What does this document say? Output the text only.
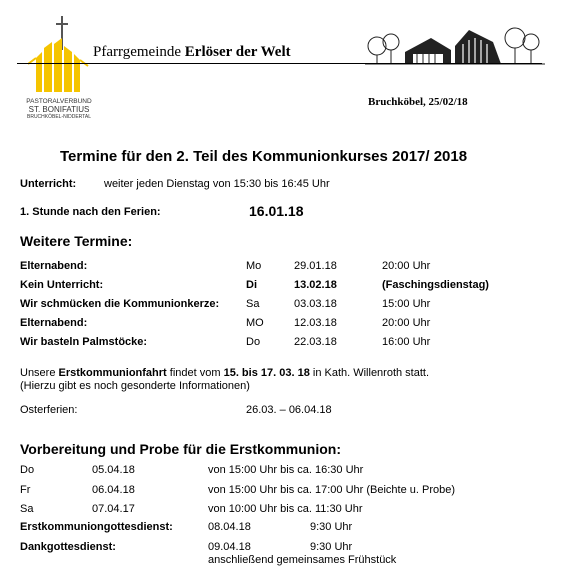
PASTORALVERBUND
ST. BONIFATIUS
BRUCHKÖBEL-NIDDERTAL
Pfarrgemeinde Erlöser der Welt
Bruchköbel, 25/02/18
Termine für den 2. Teil des Kommunionkurses 2017/ 2018
Unterricht:	weiter jeden Dienstag von 15:30 bis 16:45 Uhr
1. Stunde nach den Ferien:	16.01.18
Weitere Termine:
Elternabend:	Mo	29.01.18	20:00 Uhr
Kein Unterricht:	Di	13.02.18	(Faschingsdienstag)
Wir schmücken die Kommunionkerze: Sa	03.03.18	15:00 Uhr
Elternabend:	MO	12.03.18	20:00 Uhr
Wir basteln Palmstöcke:	Do	22.03.18	16:00 Uhr
Unsere Erstkommunionfahrt findet vom 15. bis 17. 03. 18 in Kath. Willenroth statt.
(Hierzu gibt es noch gesonderte Informationen)
Osterferien:	26.03. – 06.04.18
Vorbereitung und Probe für die Erstkommunion:
Do	05.04.18	von 15:00 Uhr bis ca. 16:30 Uhr
Fr	06.04.18	von 15:00 Uhr bis ca. 17:00 Uhr (Beichte u. Probe)
Sa	07.04.17	von 10:00 Uhr bis ca. 11:30 Uhr
Erstkommuniongottesdienst:	08.04.18	9:30 Uhr
Dankgottesdienst:	09.04.18	9:30 Uhr
anschließend gemeinsames Frühstück
